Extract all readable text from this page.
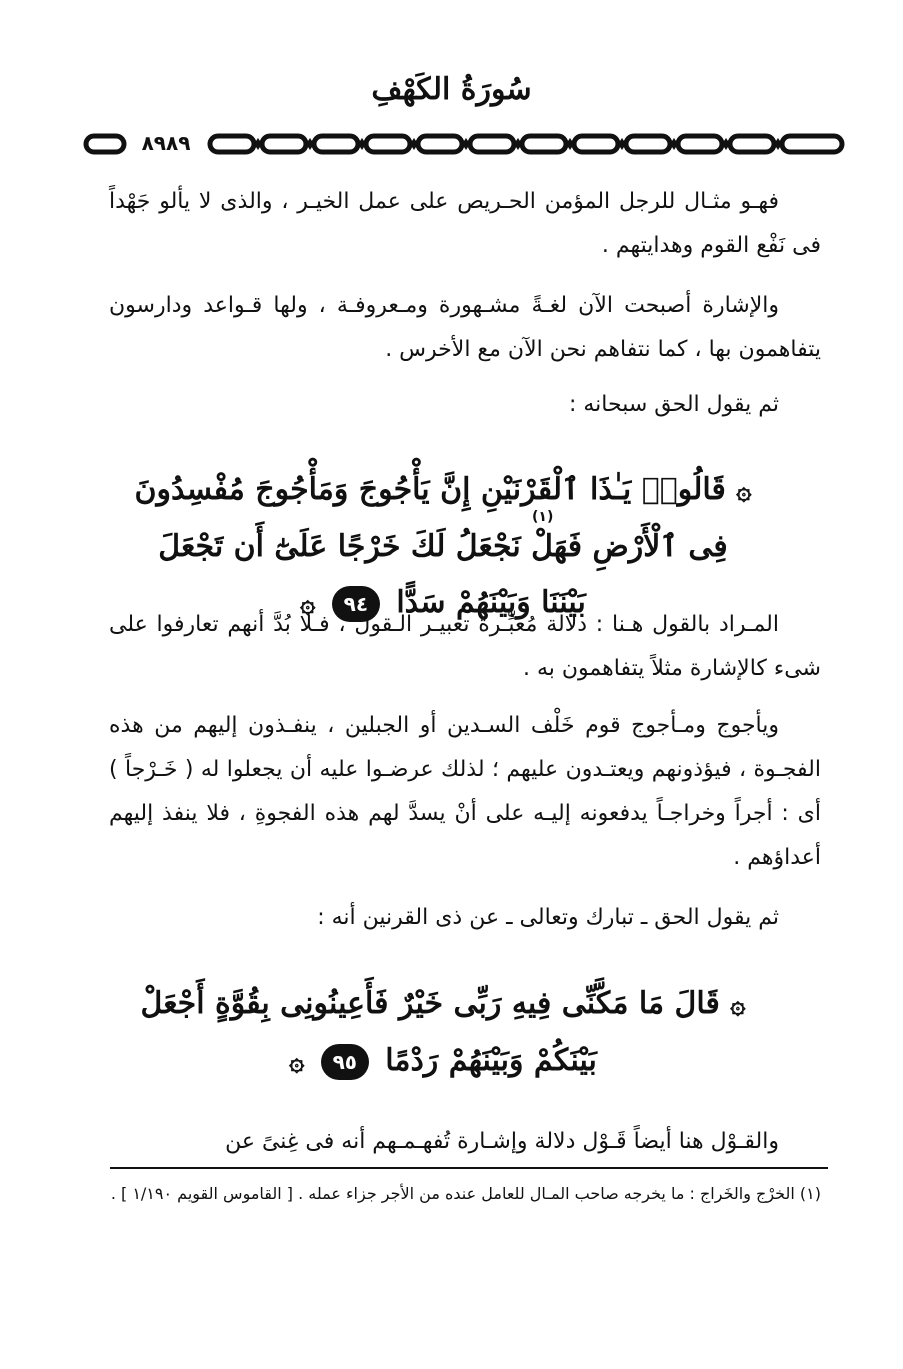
سُورَةُ الكَهْفِ
٨٩٨٩
فهـو مثـال للرجل المؤمن الحـريص على عمل الخيـر ، والذى لا يألو جَهْداً فى نَفْع القوم وهدايتهم .
والإشارة أصبحت الآن لغـةً مشـهورة ومـعروفـة ، ولها قـواعد ودارسون يتفاهمون بها ، كما نتفاهم نحن الآن مع الأخرس .
ثم يقول الحق سبحانه :
۞ قَالُوا۟ يَـٰذَا ٱلْقَرْنَيْنِ إِنَّ يَأْجُوجَ وَمَأْجُوجَ مُفْسِدُونَ فِى ٱلْأَرْضِ فَهَلْ نَجْعَلُ لَكَ خَرْجًا عَلَىٰٓ أَن تَجْعَلَ بَيْنَنَا وَبَيْنَهُمْ سَدًّا ٩٤ ۞
(١)
المـراد بالقول هـنا : دلالة مُعبِّـرة تعبيـر الـقول ، فـلا بُدَّ أنهم تعارفوا على شىء كالإشارة مثلاً يتفاهمون به .
ويأجوج ومـأجوج قوم خَلْف السـدين أو الجبلين ، ينفـذون إليهم من هذه الفجـوة ، فيؤذونهم ويعتـدون عليهم ؛ لذلك عرضـوا عليه أن يجعلوا له ( خَـرْجاً ) أى : أجراً وخراجـاً يدفعونه إليـه على أنْ يسدَّ لهم هذه الفجوةِ ، فلا ينفذ إليهم أعداؤهم .
ثم يقول الحق ـ تبارك وتعالى ـ عن ذى القرنين أنه :
۞ قَالَ مَا مَكَّنِّى فِيهِ رَبِّى خَيْرٌ فَأَعِينُونِى بِقُوَّةٍ أَجْعَلْ بَيْنَكُمْ وَبَيْنَهُمْ رَدْمًا ٩٥ ۞
والقـوْل هنا أيضاً قَـوْل دلالة وإشـارة تُفهـمـهم أنه فى غِنىً عن
(١) الخرْج والخَراج : ما يخرجه صاحب المـال للعامل عنده من الأجر جزاء عمله . [ القاموس القويم ١/١٩٠ ] .
